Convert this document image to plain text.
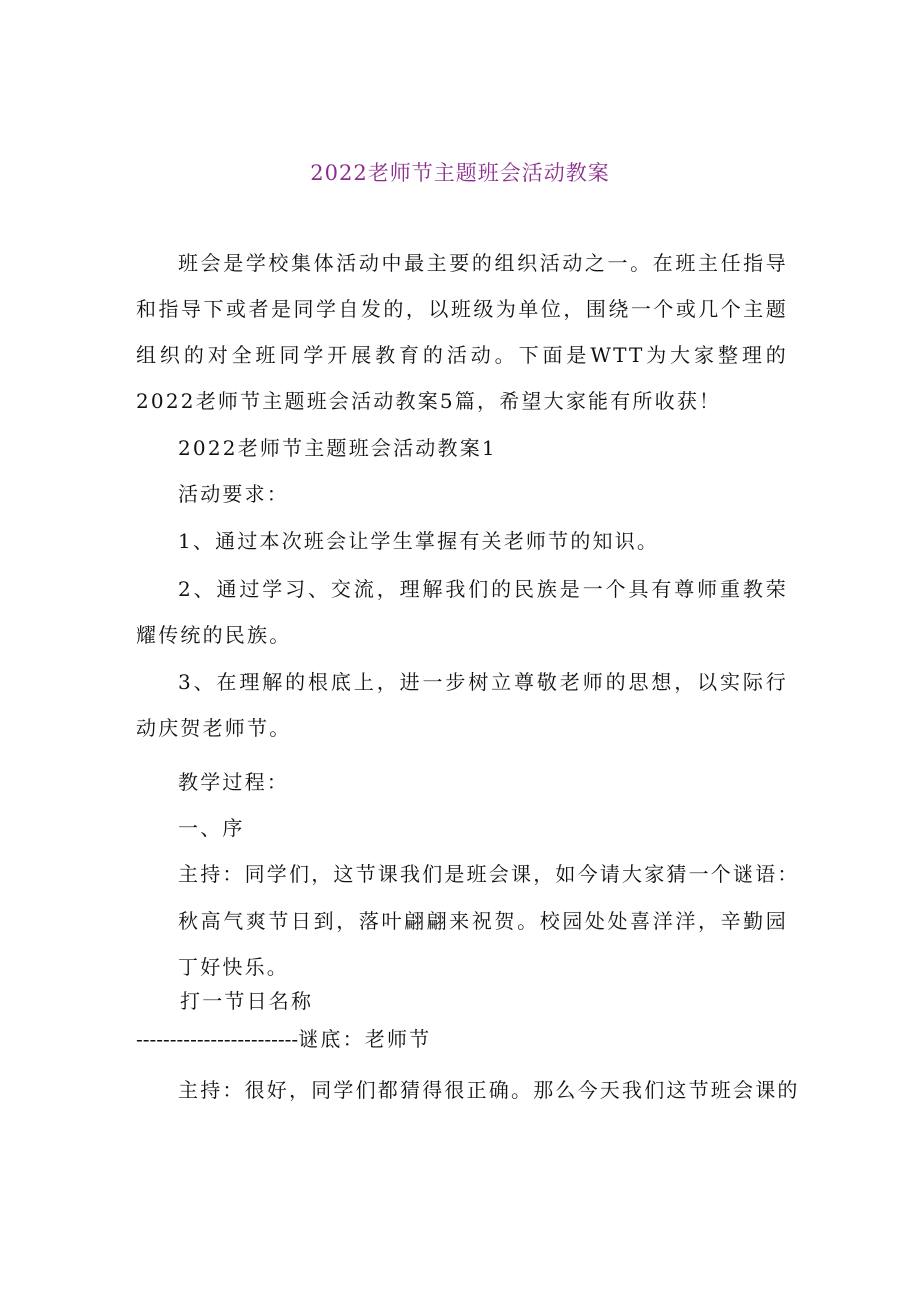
2022老师节主题班会活动教案
班会是学校集体活动中最主要的组织活动之一。在班主任指导和指导下或者是同学自发的，以班级为单位，围绕一个或几个主题组织的对全班同学开展教育的活动。下面是WTT为大家整理的2022老师节主题班会活动教案5篇，希望大家能有所收获！
2022老师节主题班会活动教案1
活动要求：
1、通过本次班会让学生掌握有关老师节的知识。
2、通过学习、交流，理解我们的民族是一个具有尊师重教荣耀传统的民族。
3、在理解的根底上，进一步树立尊敬老师的思想，以实际行动庆贺老师节。
教学过程：
一、序
主持：同学们，这节课我们是班会课，如今请大家猜一个谜语：
秋高气爽节日到，落叶翩翩来祝贺。校园处处喜洋洋，辛勤园丁好快乐。
打一节日名称
------------------------谜底：老师节
主持：很好，同学们都猜得很正确。那么今天我们这节班会课的
